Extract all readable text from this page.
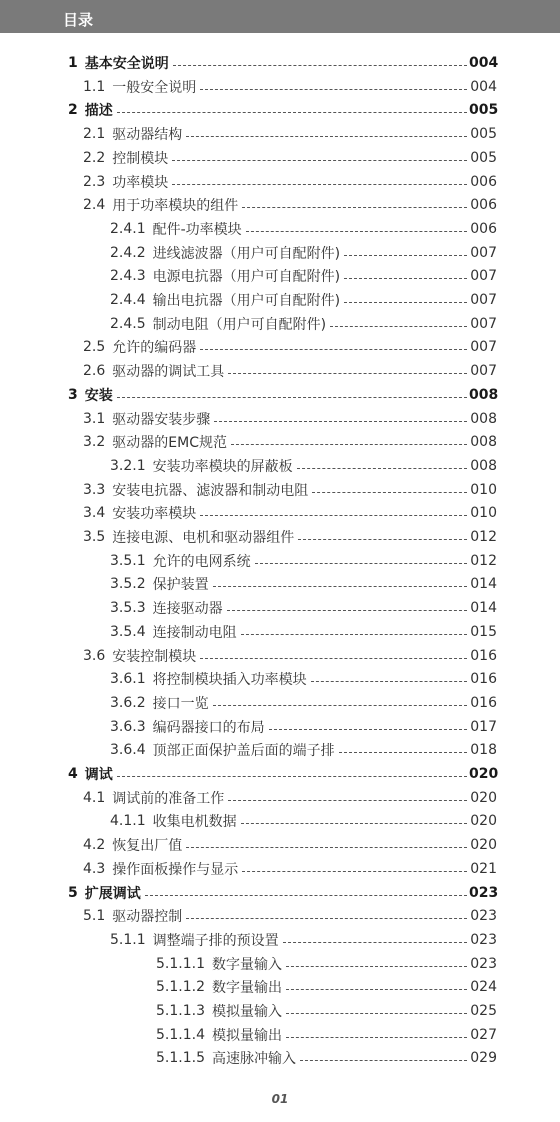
目录
1 基本安全说明	004
1.1 一般安全说明	004
2 描述	005
2.1 驱动器结构	005
2.2 控制模块	005
2.3 功率模块	006
2.4 用于功率模块的组件	006
2.4.1 配件-功率模块	006
2.4.2 进线滤波器（用户可自配附件)	007
2.4.3 电源电抗器（用户可自配附件)	007
2.4.4 输出电抗器（用户可自配附件)	007
2.4.5 制动电阻（用户可自配附件)	007
2.5 允许的编码器	007
2.6 驱动器的调试工具	007
3 安装	008
3.1 驱动器安装步骤	008
3.2 驱动器的EMC规范	008
3.2.1 安装功率模块的屏蔽板	008
3.3 安装电抗器、滤波器和制动电阻	010
3.4 安装功率模块	010
3.5 连接电源、电机和驱动器组件	012
3.5.1 允许的电网系统	012
3.5.2 保护装置	014
3.5.3 连接驱动器	014
3.5.4 连接制动电阻	015
3.6 安装控制模块	016
3.6.1 将控制模块插入功率模块	016
3.6.2 接口一览	016
3.6.3 编码器接口的布局	017
3.6.4 顶部正面保护盖后面的端子排	018
4 调试	020
4.1 调试前的准备工作	020
4.1.1 收集电机数据	020
4.2 恢复出厂值	020
4.3 操作面板操作与显示	021
5 扩展调试	023
5.1 驱动器控制	023
5.1.1 调整端子排的预设置	023
5.1.1.1 数字量输入	023
5.1.1.2 数字量输出	024
5.1.1.3 模拟量输入	025
5.1.1.4 模拟量输出	027
5.1.1.5 高速脉冲输入	029
01
